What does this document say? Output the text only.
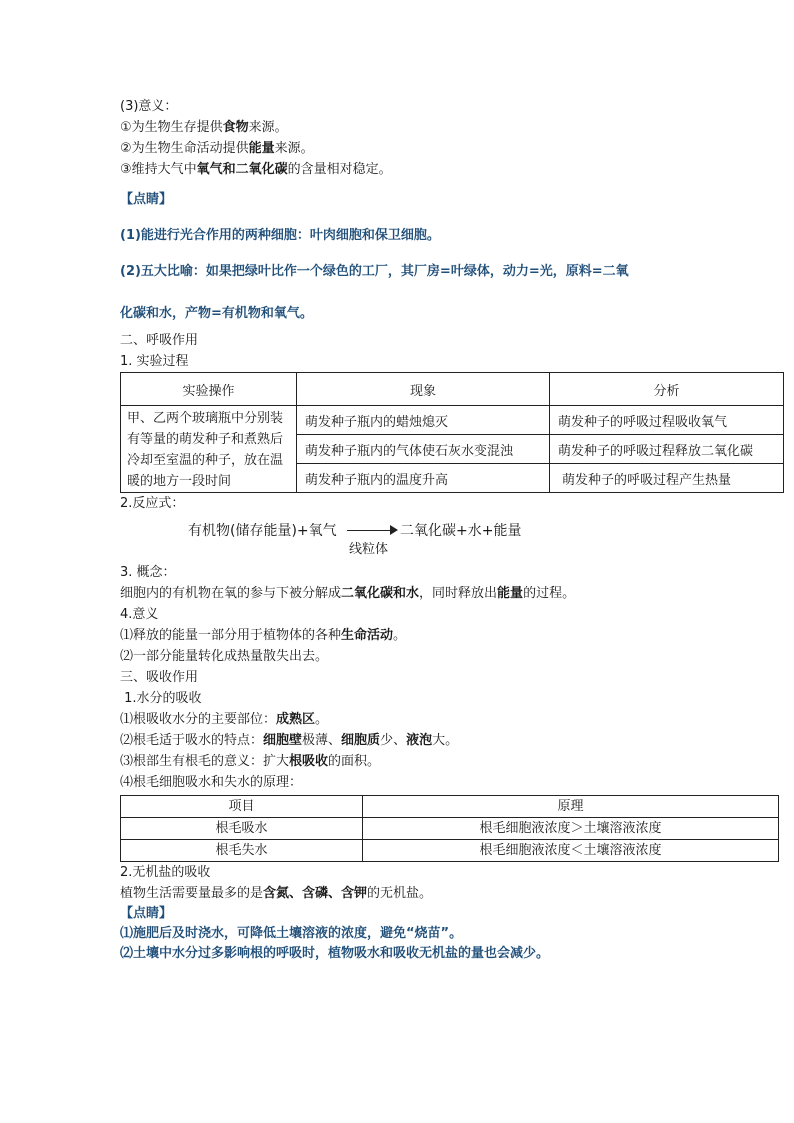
(3)意义：
①为生物生存提供食物来源。
②为生物生命活动提供能量来源。
③维持大气中氧气和二氧化碳的含量相对稳定。
【点睛】
(1)能进行光合作用的两种细胞：叶肉细胞和保卫细胞。
(2)五大比喻：如果把绿叶比作一个绿色的工厂，其厂房=叶绿体，动力=光，原料=二氧
化碳和水，产物=有机物和氧气。
二、呼吸作用
1. 实验过程
实验操作	现象	分析
甲、乙两个玻璃瓶中分别装有等量的萌发种子和煮熟后冷却至室温的种子，放在温暖的地方一段时间	萌发种子瓶内的蜡烛熄灭	萌发种子的呼吸过程吸收氧气
	萌发种子瓶内的气体使石灰水变混浊	萌发种子的呼吸过程释放二氧化碳
	萌发种子瓶内的温度升高	萌发种子的呼吸过程产生热量
2.反应式：
有机物(储存能量)+氧气	二氧化碳+水+能量
线粒体
3. 概念：
细胞内的有机物在氧的参与下被分解成二氧化碳和水，同时释放出能量的过程。
4.意义
⑴释放的能量一部分用于植物体的各种生命活动。
⑵一部分能量转化成热量散失出去。
三、吸收作用
1.水分的吸收
⑴根吸收水分的主要部位：成熟区。
⑵根毛适于吸水的特点：细胞壁极薄、细胞质少、液泡大。
⑶根部生有根毛的意义：扩大根吸收的面积。
⑷根毛细胞吸水和失水的原理：
项目	原理
根毛吸水	根毛细胞液浓度＞土壤溶液浓度
根毛失水	根毛细胞液浓度＜土壤溶液浓度
2.无机盐的吸收
植物生活需要量最多的是含氮、含磷、含钾的无机盐。
【点睛】
⑴施肥后及时浇水，可降低土壤溶液的浓度，避免“烧苗”。
⑵土壤中水分过多影响根的呼吸时，植物吸水和吸收无机盐的量也会减少。
